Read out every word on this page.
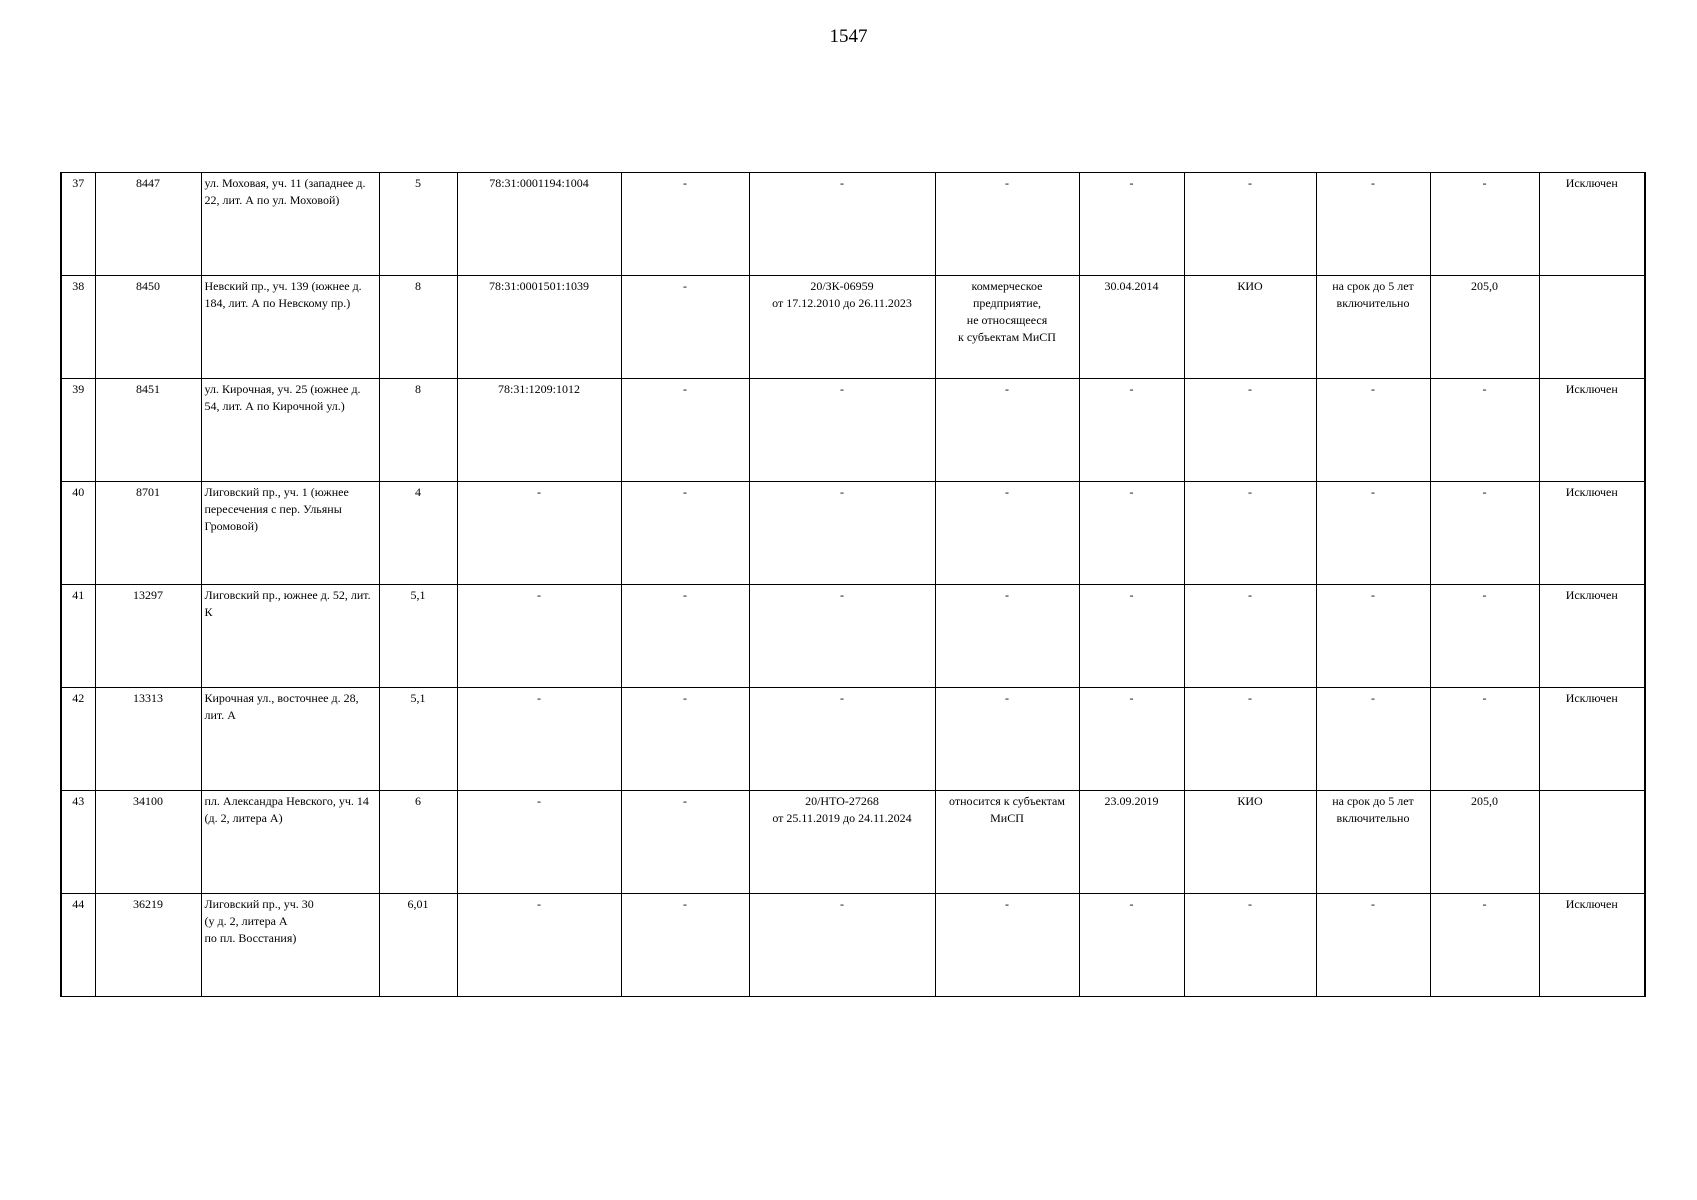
1547
37	8447	ул. Моховая, уч. 11 (западнее д. 22, лит. А по ул. Моховой)	5	78:31:0001194:1004	-	-	-	-	-	-	-	Исключен
38	8450	Невский пр., уч. 139 (южнее д. 184, лит. А по Невскому пр.)	8	78:31:0001501:1039	-	20/ЗК-06959
от 17.12.2010 до 26.11.2023	коммерческое
предприятие,
не относящееся
к субъектам МиСП	30.04.2014	КИО	на срок до 5 лет
включительно	205,0	
39	8451	ул. Кирочная, уч. 25 (южнее д. 54, лит. А по Кирочной ул.)	8	78:31:1209:1012	-	-	-	-	-	-	-	Исключен
40	8701	Лиговский пр., уч. 1 (южнее пересечения с пер. Ульяны Громовой)	4	-	-	-	-	-	-	-	-	Исключен
41	13297	Лиговский пр., южнее д. 52, лит. К	5,1	-	-	-	-	-	-	-	-	Исключен
42	13313	Кирочная ул., восточнее д. 28, лит. А	5,1	-	-	-	-	-	-	-	-	Исключен
43	34100	пл. Александра Невского, уч. 14 (д. 2, литера А)	6	-	-	20/НТО-27268
от 25.11.2019 до 24.11.2024	относится к субъектам
МиСП	23.09.2019	КИО	на срок до 5 лет
включительно	205,0	
44	36219	Лиговский пр., уч. 30
(у д. 2, литера А
по пл. Восстания)	6,01	-	-	-	-	-	-	-	-	Исключен
